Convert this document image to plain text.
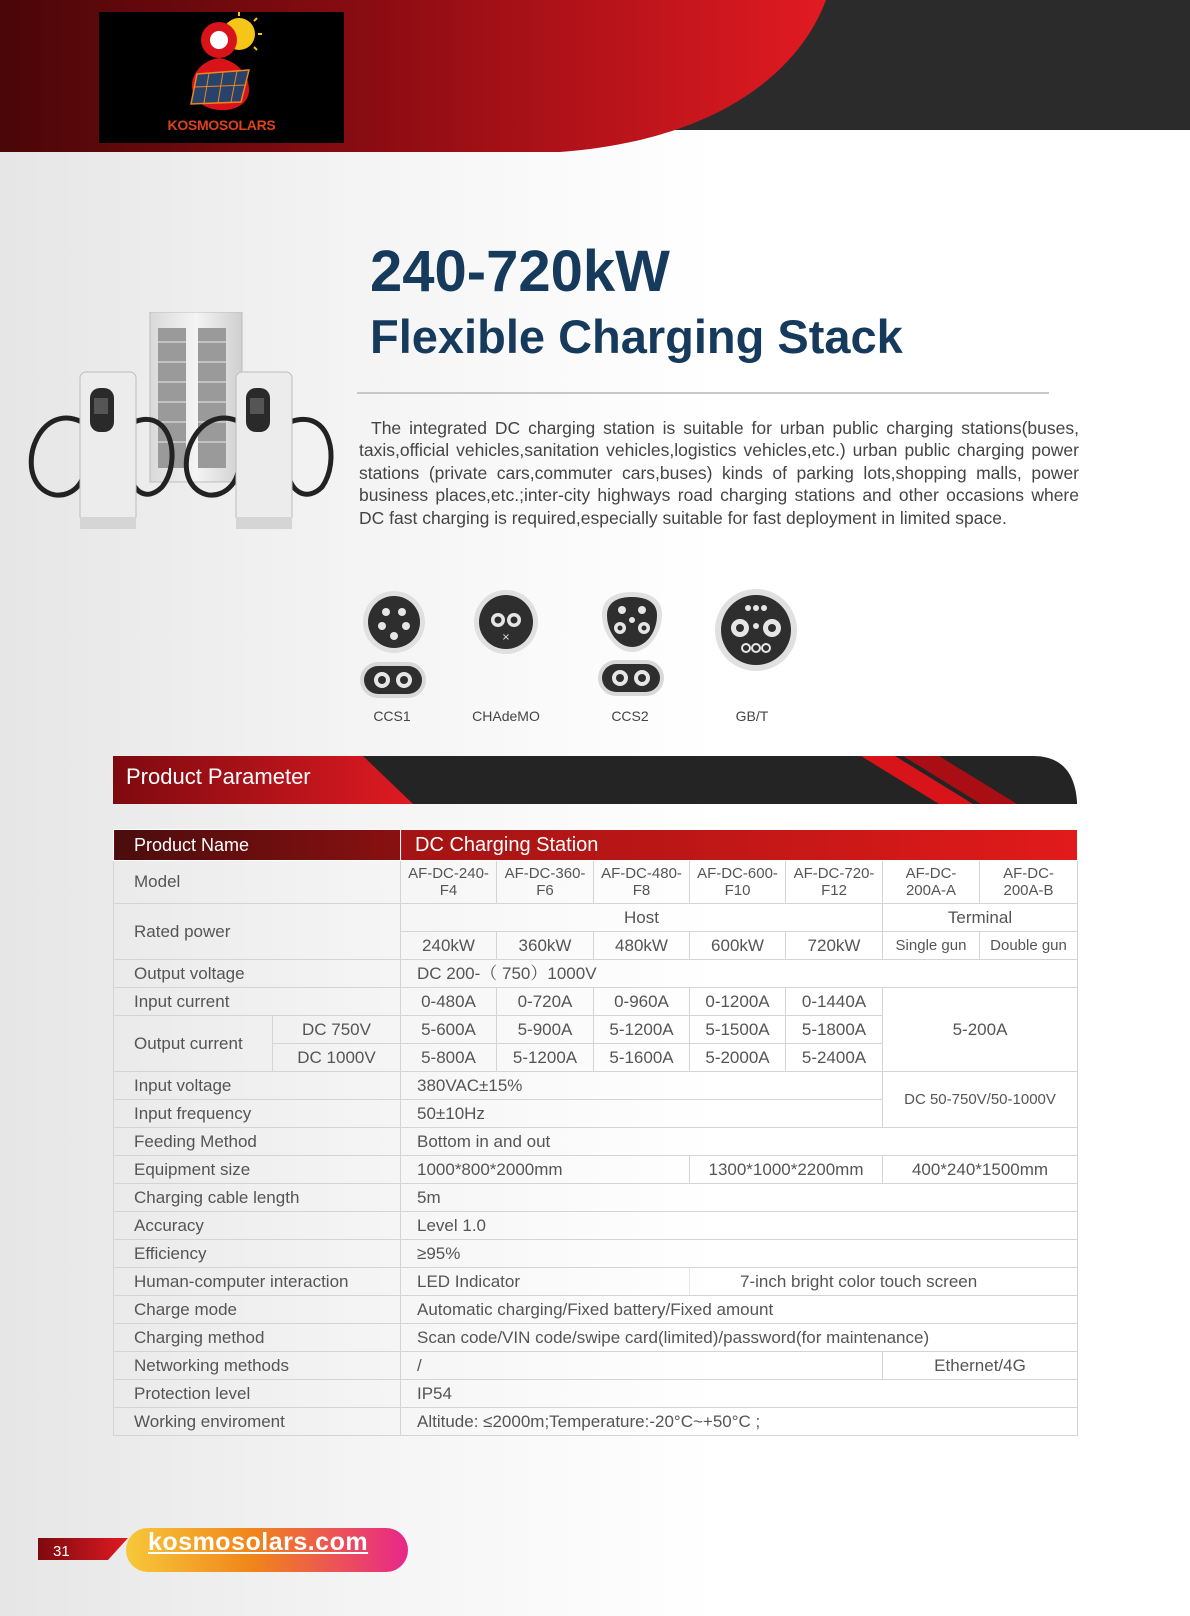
KOSMOSOLARS
240-720kW
Flexible Charging Stack

The integrated DC charging station is suitable for urban public charging stations(buses, taxis,official vehicles,sanitation vehicles,logistics vehicles,etc.) urban public charging power stations (private cars,commuter cars,buses) kinds of parking lots,shopping malls, power business places,etc.;inter-city highways road charging stations and other occasions where DC fast charging is required,especially suitable for fast deployment in limited space.

×
CCS1	CHAdeMO	CCS2	GB/T
Product Parameter
Product Name		DC Charging Station						
Model		AF-DC-240-F4	AF-DC-360-F6	AF-DC-480-F8	AF-DC-600-F10	AF-DC-720-F12	AF-DC-200A-A	AF-DC-200A-B
Rated power		Host					Terminal	
		240kW	360kW	480kW	600kW	720kW	Single gun	Double gun
Output voltage		DC 200-（ 750）1000V						
Input current		0-480A	0-720A	0-960A	0-1200A	0-1440A	5-200A	
Output current	DC 750V	5-600A	5-900A	5-1200A	5-1500A	5-1800A		
	DC 1000V	5-800A	5-1200A	5-1600A	5-2000A	5-2400A		
Input voltage		380VAC±15%					DC 50-750V/50-1000V	
Input frequency		50±10Hz						
Feeding Method		Bottom in and out						
Equipment size		1000*800*2000mm			1300*1000*2200mm		400*240*1500mm	
Charging cable length		5m						
Accuracy		Level 1.0						
Efficiency		≥95%						
Human-computer interaction		LED Indicator			7-inch bright color touch screen			
Charge mode		Automatic charging/Fixed battery/Fixed amount						
Charging method		Scan code/VIN code/swipe card(limited)/password(for maintenance)						
Networking methods		/					Ethernet/4G	
Protection level		IP54						
Working enviroment		Altitude: ≤2000m;Temperature:-20°C~+50°C ;						
31	kosmosolars.com
